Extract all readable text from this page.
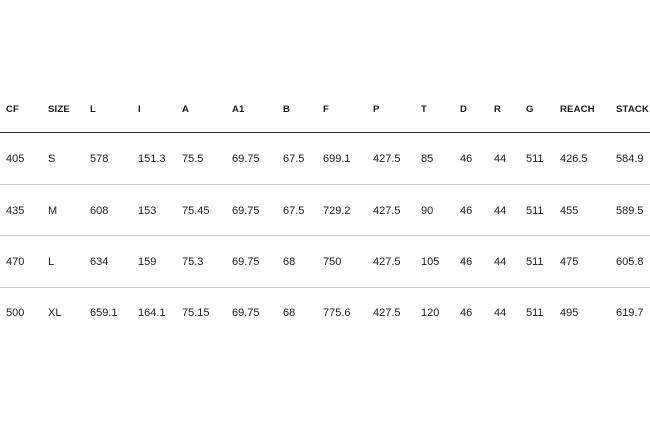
CF	SIZE L	I	A	A1	B	F	P	T	D	R	G	REACH STACK
405 S	578	151.3 75.5	69.75 67.5 699.1 427.5 85 46 44 511 426.5	584.9
435 M	608	153 75.45 69.75 67.5 729.2 427.5 90 46 44 511 455	589.5
470 L	634	159 75.3	69.75 68	750	427.5 105 46 44 511 475	605.8
500 XL	659.1 164.1 75.15 69.75 68	775.6 427.5 120 46 44 511 495	619.7
